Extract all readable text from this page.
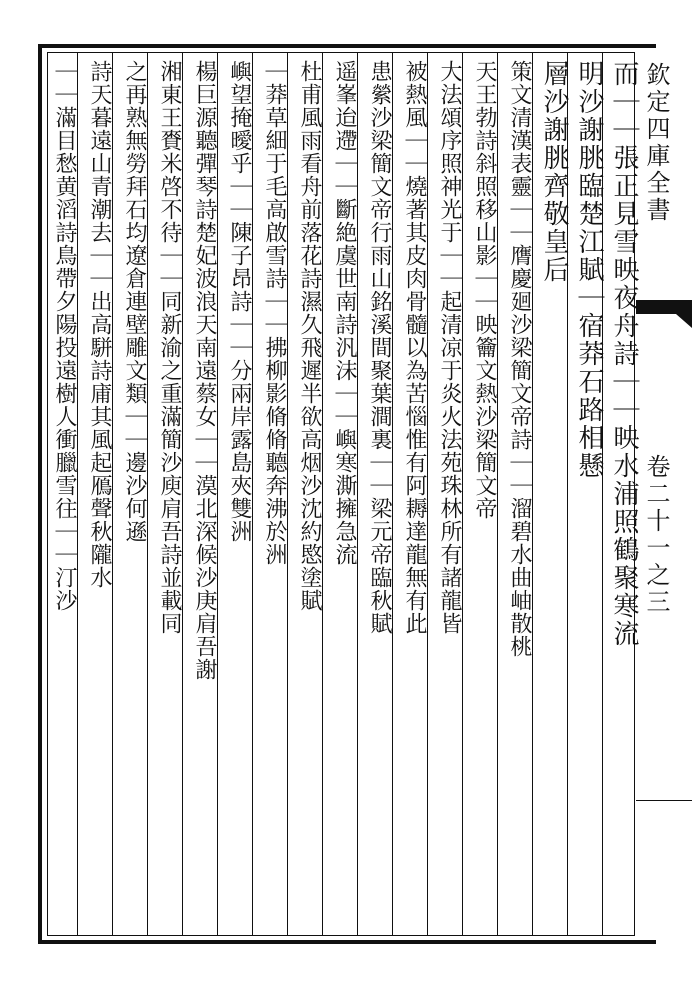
欽定四庫全書卷二十一之三
而｜｜張正見雪映夜舟詩｜｜映水浦照鶴聚寒流
明沙謝朓臨楚江賦｜宿莽石路相懸
層沙謝朓齊敬皇后
策文清漢表靈｜｜膺慶廻沙梁簡文帝詩｜｜溜碧水曲岫散桃
天王勃詩斜照移山影｜｜映籥文熱沙梁簡文帝
大法頌序照神光于｜｜起清凉于炎火法苑珠林所有諸龍皆
被熱風｜｜燒著其皮肉骨髓以為苦惱惟有阿耨達龍無有此
患縈沙梁簡文帝行雨山銘溪間聚葉澗裏｜｜梁元帝臨秋賦
遥峯迨遰｜｜斷絶虞世南詩汎沫｜｜嶼寒澌擁急流
杜甫風雨看舟前落花詩濕久飛遲半欲高烟沙沈約愍塗賦
｜莽草細于毛高啟雪詩｜｜拂柳影脩脩聽奔沸於洲
嶼望掩曖乎｜｜陳子昂詩｜｜分兩岸露島夾雙洲
楊巨源聽彈琴詩楚妃波浪天南遠蔡女｜｜漠北深候沙庚肩吾謝
湘東王賚米啓不待｜｜同新渝之重滿簡沙庾肩吾詩並載同
之再熟無勞拜石均遼倉連壁雕文類｜｜邊沙何遜
詩天暮遠山青潮去｜｜出高駢詩庯其風起鴈聲秋隴水
｜｜滿目愁黄滔詩鳥帶夕陽投遠樹人衝臘雪往｜｜汀沙
